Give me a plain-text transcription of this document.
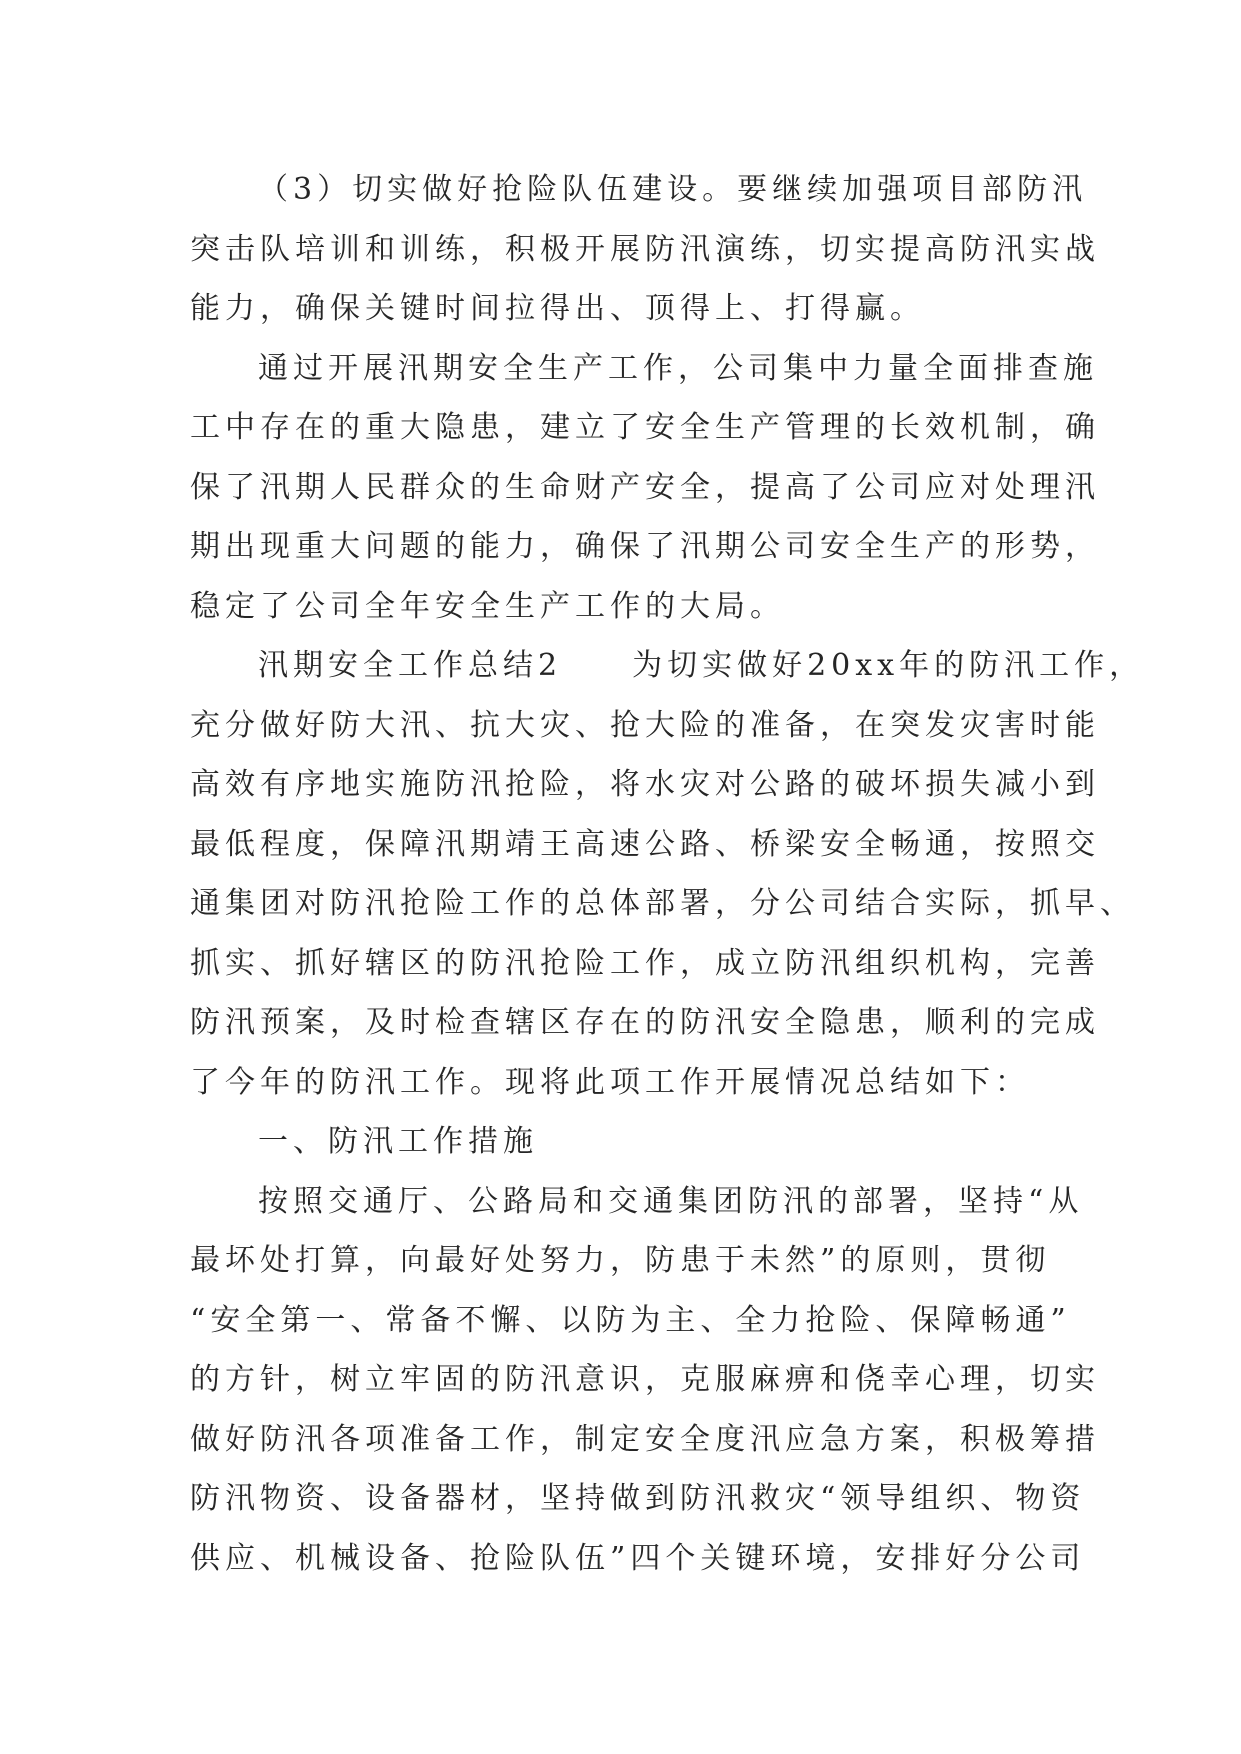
（3）切实做好抢险队伍建设。要继续加强项目部防汛
突击队培训和训练，积极开展防汛演练，切实提高防汛实战
能力，确保关键时间拉得出、顶得上、打得赢。
通过开展汛期安全生产工作，公司集中力量全面排查施
工中存在的重大隐患，建立了安全生产管理的长效机制，确
保了汛期人民群众的生命财产安全，提高了公司应对处理汛
期出现重大问题的能力，确保了汛期公司安全生产的形势，
稳定了公司全年安全生产工作的大局。
汛期安全工作总结2　　为切实做好20xx年的防汛工作，
充分做好防大汛、抗大灾、抢大险的准备，在突发灾害时能
高效有序地实施防汛抢险，将水灾对公路的破坏损失减小到
最低程度，保障汛期靖王高速公路、桥梁安全畅通，按照交
通集团对防汛抢险工作的总体部署，分公司结合实际，抓早、
抓实、抓好辖区的防汛抢险工作，成立防汛组织机构，完善
防汛预案，及时检查辖区存在的防汛安全隐患，顺利的完成
了今年的防汛工作。现将此项工作开展情况总结如下：
一、防汛工作措施
按照交通厅、公路局和交通集团防汛的部署，坚持“从
最坏处打算，向最好处努力，防患于未然”的原则，贯彻
“安全第一、常备不懈、以防为主、全力抢险、保障畅通”
的方针，树立牢固的防汛意识，克服麻痹和侥幸心理，切实
做好防汛各项准备工作，制定安全度汛应急方案，积极筹措
防汛物资、设备器材，坚持做到防汛救灾“领导组织、物资
供应、机械设备、抢险队伍”四个关键环境，安排好分公司
